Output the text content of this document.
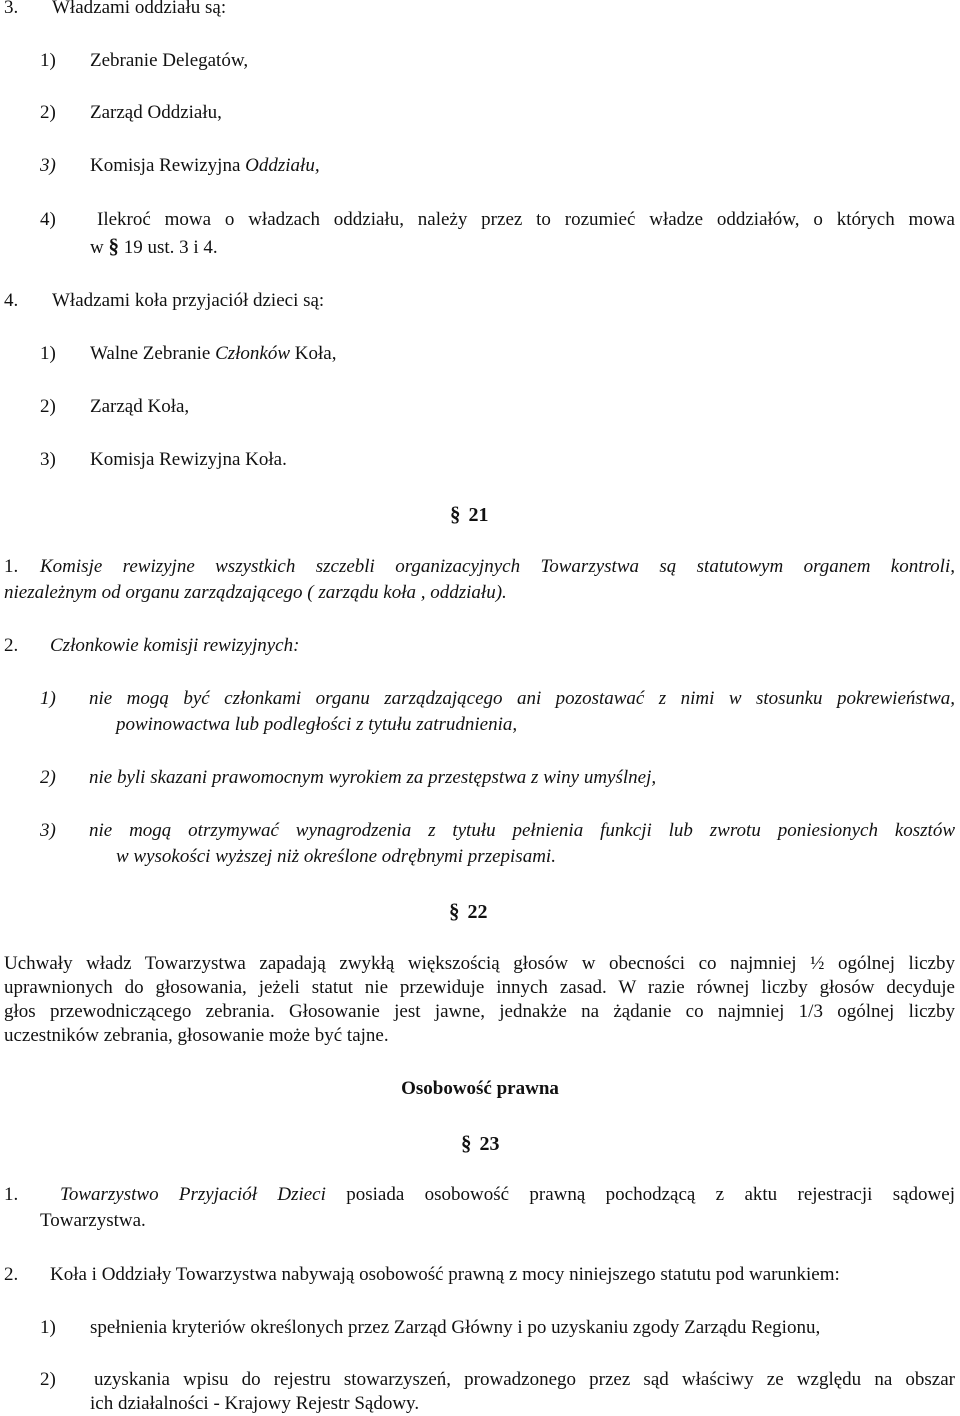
3. Władzami oddziału są:
1) Zebranie Delegatów,
2) Zarząd Oddziału,
3) Komisja Rewizyjna Oddziału,
4) Ilekroć mowa o władzach oddziału, należy przez to rozumieć władze oddziałów, o których mowa
w § 19 ust. 3 i 4.
4. Władzami koła przyjaciół dzieci są:
1) Walne Zebranie Członków Koła,
2) Zarząd Koła,
3) Komisja Rewizyjna Koła.
§ 21
1. Komisje rewizyjne wszystkich szczebli organizacyjnych Towarzystwa są statutowym organem kontroli,
niezależnym od organu zarządzającego ( zarządu koła , oddziału).
2. Członkowie komisji rewizyjnych:
1) nie mogą być członkami organu zarządzającego ani pozostawać z nimi w stosunku pokrewieństwa,
powinowactwa lub podległości z tytułu zatrudnienia,
2) nie byli skazani prawomocnym wyrokiem za przestępstwa z winy umyślnej,
3) nie mogą otrzymywać wynagrodzenia z tytułu pełnienia funkcji lub zwrotu poniesionych kosztów
w wysokości wyższej niż określone odrębnymi przepisami.
§ 22
Uchwały władz Towarzystwa zapadają zwykłą większością głosów w obecności co najmniej ½ ogólnej liczby
uprawnionych do głosowania, jeżeli statut nie przewiduje innych zasad. W razie równej liczby głosów decyduje
głos przewodniczącego zebrania. Głosowanie jest jawne, jednakże na żądanie co najmniej 1/3 ogólnej liczby
uczestników zebrania, głosowanie może być tajne.
Osobowość prawna
§ 23
1. Towarzystwo Przyjaciół Dzieci posiada osobowość prawną pochodzącą z aktu rejestracji sądowej
Towarzystwa.
2. Koła i Oddziały Towarzystwa nabywają osobowość prawną z mocy niniejszego statutu pod warunkiem:
1) spełnienia kryteriów określonych przez Zarząd Główny i po uzyskaniu zgody Zarządu Regionu,
2) uzyskania wpisu do rejestru stowarzyszeń, prowadzonego przez sąd właściwy ze względu na obszar
ich działalności - Krajowy Rejestr Sądowy.
